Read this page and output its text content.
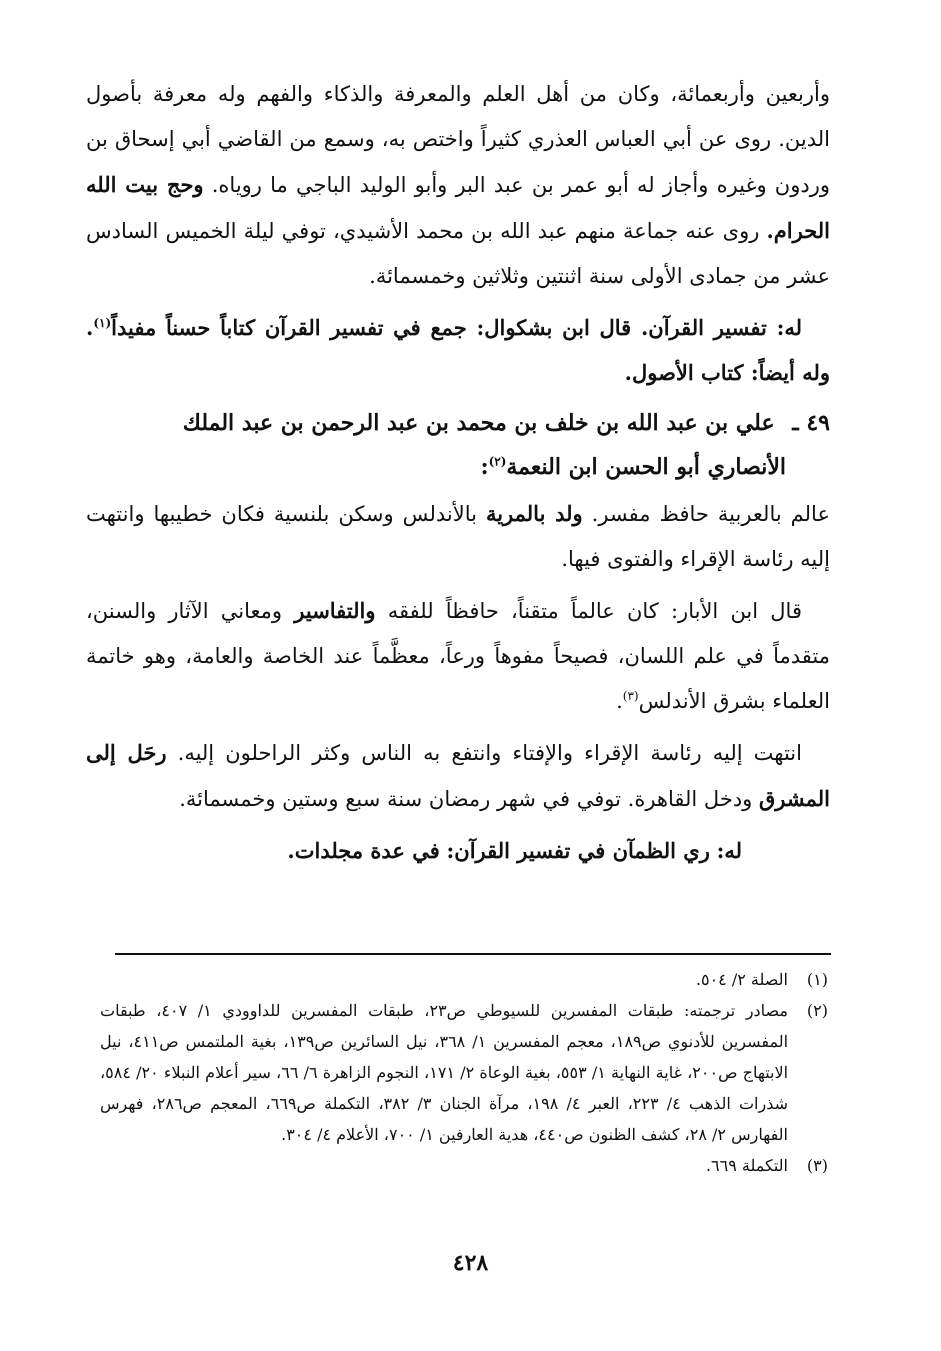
وأربعين وأربعمائة، وكان من أهل العلم والمعرفة والذكاء والفهم وله معرفة بأصول الدين. روى عن أبي العباس العذري كثيراً واختص به، وسمع من القاضي أبي إسحاق بن وردون وغيره وأجاز له أبو عمر بن عبد البر وأبو الوليد الباجي ما روياه. وحج بيت الله الحرام. روى عنه جماعة منهم عبد الله بن محمد الأشيدي، توفي ليلة الخميس السادس عشر من جمادى الأولى سنة اثنتين وثلاثين وخمسمائة.

له: تفسير القرآن. قال ابن بشكوال: جمع في تفسير القرآن كتاباً حسناً مفيداً$^{(١)}$. وله أيضاً: كتاب الأصول.

٤٩ ـ علي بن عبد الله بن خلف بن محمد بن عبد الرحمن بن عبد الملك
الأنصاري أبو الحسن ابن النعمة$^{(٢)}$:

عالم بالعربية حافظ مفسر. ولد بالمرية بالأندلس وسكن بلنسية فكان خطيبها وانتهت إليه رئاسة الإقراء والفتوى فيها.

قال ابن الأبار: كان عالماً متقناً، حافظاً للفقه والتفاسير ومعاني الآثار والسنن، متقدماً في علم اللسان، فصيحاً مفوهاً ورعاً، معظَّماً عند الخاصة والعامة، وهو خاتمة العلماء بشرق الأندلس$^{(٣)}$.

انتهت إليه رئاسة الإقراء والإفتاء وانتفع به الناس وكثر الراحلون إليه. رحَل إلى المشرق ودخل القاهرة. توفي في شهر رمضان سنة سبع وستين وخمسمائة.

له: ري الظمآن في تفسير القرآن: في عدة مجلدات.

(١)
الصلة ٢/ ٥٠٤.
(٢)
مصادر ترجمته: طبقات المفسرين للسيوطي ص٢٣، طبقات المفسرين للداوودي ١/ ٤٠٧، طبقات المفسرين للأدنوي ص١٨٩، معجم المفسرين ١/ ٣٦٨، نيل السائرين ص١٣٩، بغية الملتمس ص٤١١، نيل الابتهاج ص٢٠٠، غاية النهاية ١/ ٥٥٣، بغية الوعاة ٢/ ١٧١، النجوم الزاهرة ٦/ ٦٦، سير أعلام النبلاء ٢٠/ ٥٨٤، شذرات الذهب ٤/ ٢٢٣، العبر ٤/ ١٩٨، مرآة الجنان ٣/ ٣٨٢، التكملة ص٦٦٩، المعجم ص٢٨٦، فهرس الفهارس ٢/ ٢٨، كشف الظنون ص٤٤٠، هدية العارفين ١/ ٧٠٠، الأعلام ٤/ ٣٠٤.
(٣)
التكملة ٦٦٩.
٤٢٨
